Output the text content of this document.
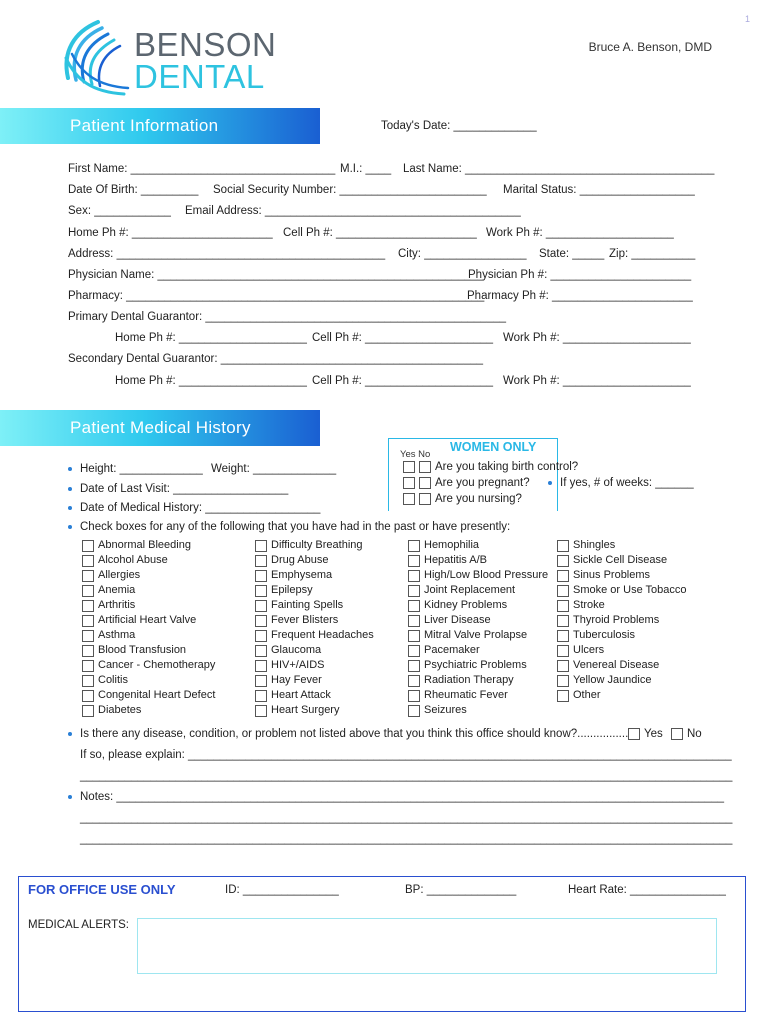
BENSON
DENTAL
Bruce A. Benson, DMD
1
Patient Information	Today's Date: _____________
First Name: ________________________________ M.I.: ____ Last Name: _______________________________________
Date Of Birth: _________ Social Security Number: _______________________ Marital Status: __________________
Sex: ____________ Email Address: ________________________________________
Home Ph #: ______________________ Cell Ph #: ______________________ Work Ph #: ____________________
Address: __________________________________________ City: ________________ State: _____ Zip: __________
Physician Name: ___________________________________________________
Physician Ph #: ______________________
Pharmacy: ________________________________________________________
Pharmacy Ph #: ______________________
Primary Dental Guarantor: _______________________________________________
Home Ph #: ____________________ Cell Ph #: ____________________ Work Ph #: ____________________
Secondary Dental Guarantor: _________________________________________
Home Ph #: ____________________ Cell Ph #: ____________________ Work Ph #: ____________________
Patient Medical History
WOMEN ONLY
Yes No
Are you taking birth control?
Are you pregnant?	If yes, # of weeks: ______
Are you nursing?
Height: _____________ Weight: _____________
Date of Last Visit: __________________
Date of Medical History: __________________
Check boxes for any of the following that you have had in the past or have presently:
Abnormal Bleeding
Alcohol Abuse
Allergies
Anemia
Arthritis
Artificial Heart Valve
Asthma
Blood Transfusion
Cancer - Chemotherapy
Colitis
Congenital Heart Defect
Diabetes
Difficulty Breathing
Drug Abuse
Emphysema
Epilepsy
Fainting Spells
Fever Blisters
Frequent Headaches
Glaucoma
HIV+/AIDS
Hay Fever
Heart Attack
Heart Surgery
Hemophilia
Hepatitis A/B
High/Low Blood Pressure
Joint Replacement
Kidney Problems
Liver Disease
Mitral Valve Prolapse
Pacemaker
Psychiatric Problems
Radiation Therapy
Rheumatic Fever
Seizures
Shingles
Sickle Cell Disease
Sinus Problems
Smoke or Use Tobacco
Stroke
Thyroid Problems
Tuberculosis
Ulcers
Venereal Disease
Yellow Jaundice
Other
Is there any disease, condition, or problem not listed above that you think this office should know?................ Yes No
If so, please explain: _____________________________________________________________________________________
______________________________________________________________________________________________________
Notes: _______________________________________________________________________________________________
______________________________________________________________________________________________________
______________________________________________________________________________________________________
FOR OFFICE USE ONLY	ID: _______________	BP: ______________	Heart Rate: _______________
MEDICAL ALERTS:
